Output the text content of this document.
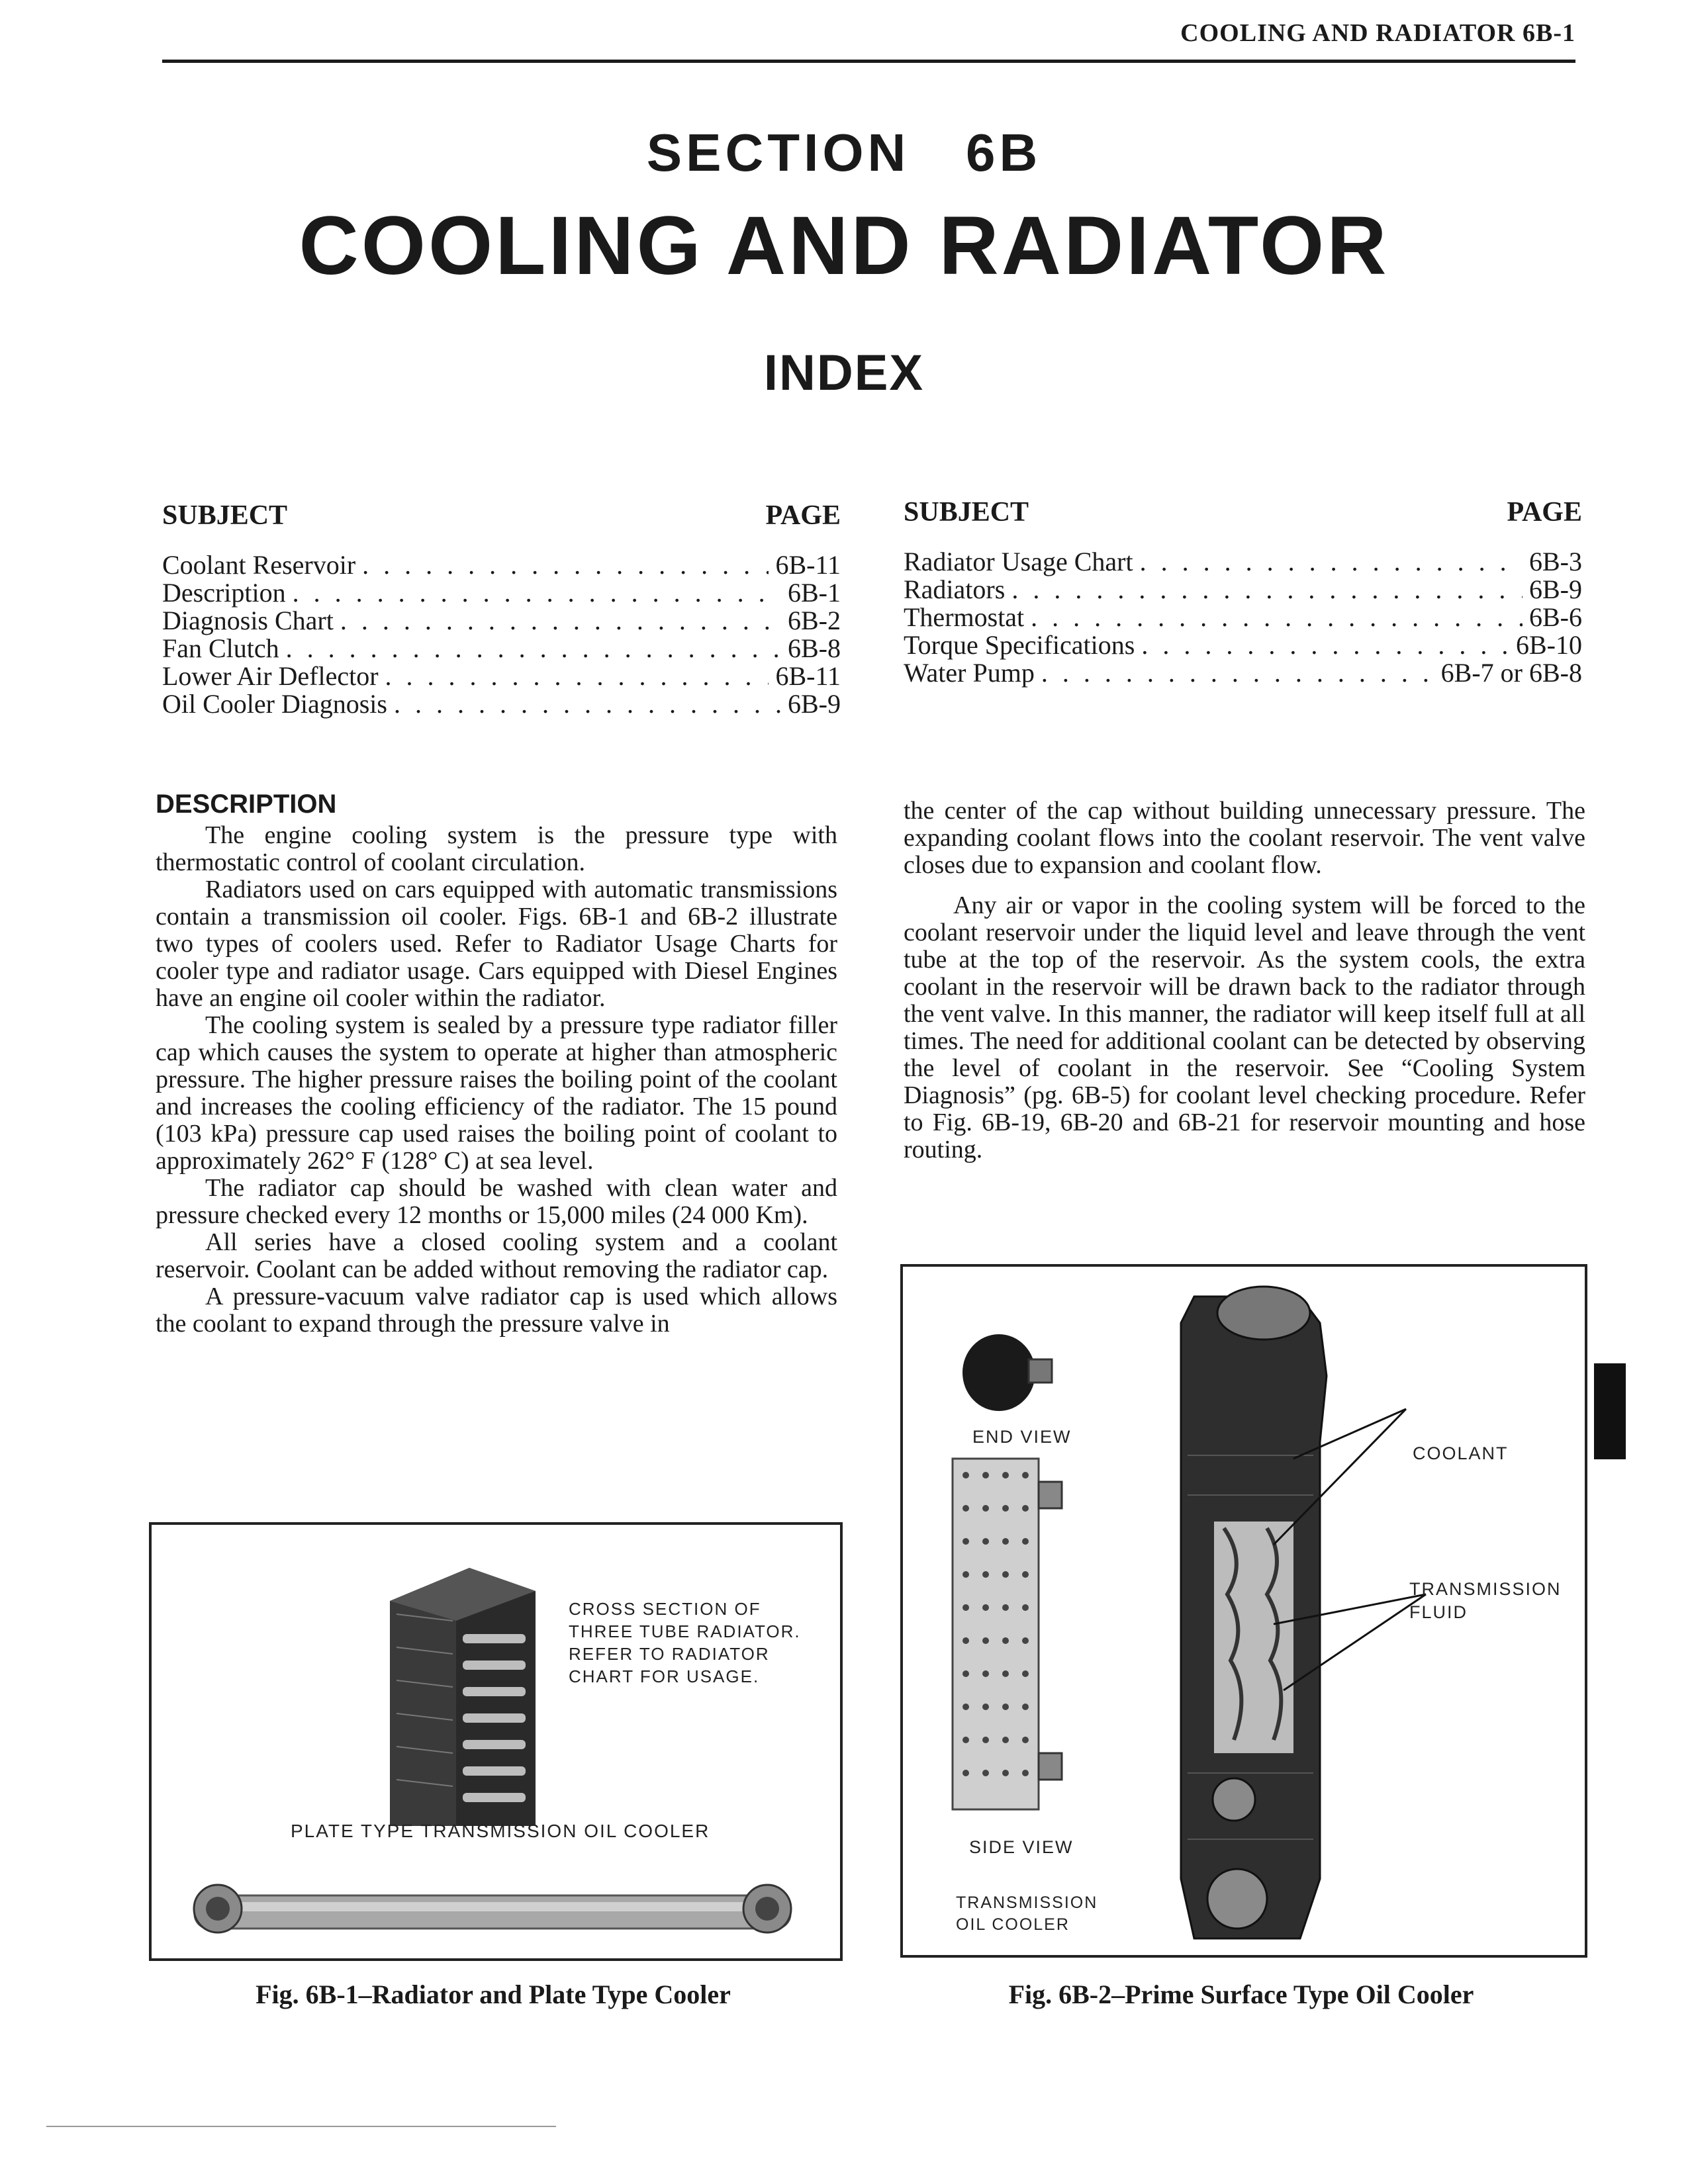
COOLING AND RADIATOR 6B-1
SECTION   6B
COOLING AND RADIATOR
INDEX
SUBJECT	PAGE
Coolant Reservoir . . .	6B-11
Description . . .	6B-1
Diagnosis Chart . . .	6B-2
Fan Clutch . . .	6B-8
Lower Air Deflector . . .	6B-11
Oil Cooler Diagnosis . . .	6B-9
SUBJECT	PAGE
Radiator Usage Chart . . .	6B-3
Radiators . . .	6B-9
Thermostat . . .	6B-6
Torque Specifications . . .	6B-10
Water Pump . . .	6B-7 or 6B-8
DESCRIPTION

The engine cooling system is the pressure type with thermostatic control of coolant circulation.

Radiators used on cars equipped with automatic transmissions contain a transmission oil cooler. Figs. 6B-1 and 6B-2 illustrate two types of coolers used. Refer to Radiator Usage Charts for cooler type and radiator usage. Cars equipped with Diesel Engines have an engine oil cooler within the radiator.

The cooling system is sealed by a pressure type radiator filler cap which causes the system to operate at higher than atmospheric pressure. The higher pressure raises the boiling point of the coolant and increases the cooling efficiency of the radiator. The 15 pound (103 kPa) pressure cap used raises the boiling point of coolant to approximately 262° F (128° C) at sea level.

The radiator cap should be washed with clean water and pressure checked every 12 months or 15,000 miles (24 000 Km).

All series have a closed cooling system and a coolant reservoir. Coolant can be added without removing the radiator cap.

A pressure-vacuum valve radiator cap is used which allows the coolant to expand through the pressure valve in

the center of the cap without building unnecessary pressure. The expanding coolant flows into the coolant reservoir. The vent valve closes due to expansion and coolant flow.

Any air or vapor in the cooling system will be forced to the coolant reservoir under the liquid level and leave through the vent tube at the top of the reservoir. As the system cools, the extra coolant in the reservoir will be drawn back to the radiator through the vent valve. In this manner, the radiator will keep itself full at all times. The need for additional coolant can be detected by observing the level of coolant in the reservoir. See “Cooling System Diagnosis” (pg. 6B-5) for coolant level checking procedure. Refer to Fig. 6B-19, 6B-20 and 6B-21 for reservoir mounting and hose routing.

CROSS SECTION OF
THREE TUBE RADIATOR.
REFER TO RADIATOR
CHART FOR USAGE.
PLATE TYPE TRANSMISSION OIL COOLER
Fig. 6B-1–Radiator and Plate Type Cooler
END VIEW
SIDE VIEW
TRANSMISSION
OIL COOLER
COOLANT
TRANSMISSION
FLUID
Fig. 6B-2–Prime Surface Type Oil Cooler
